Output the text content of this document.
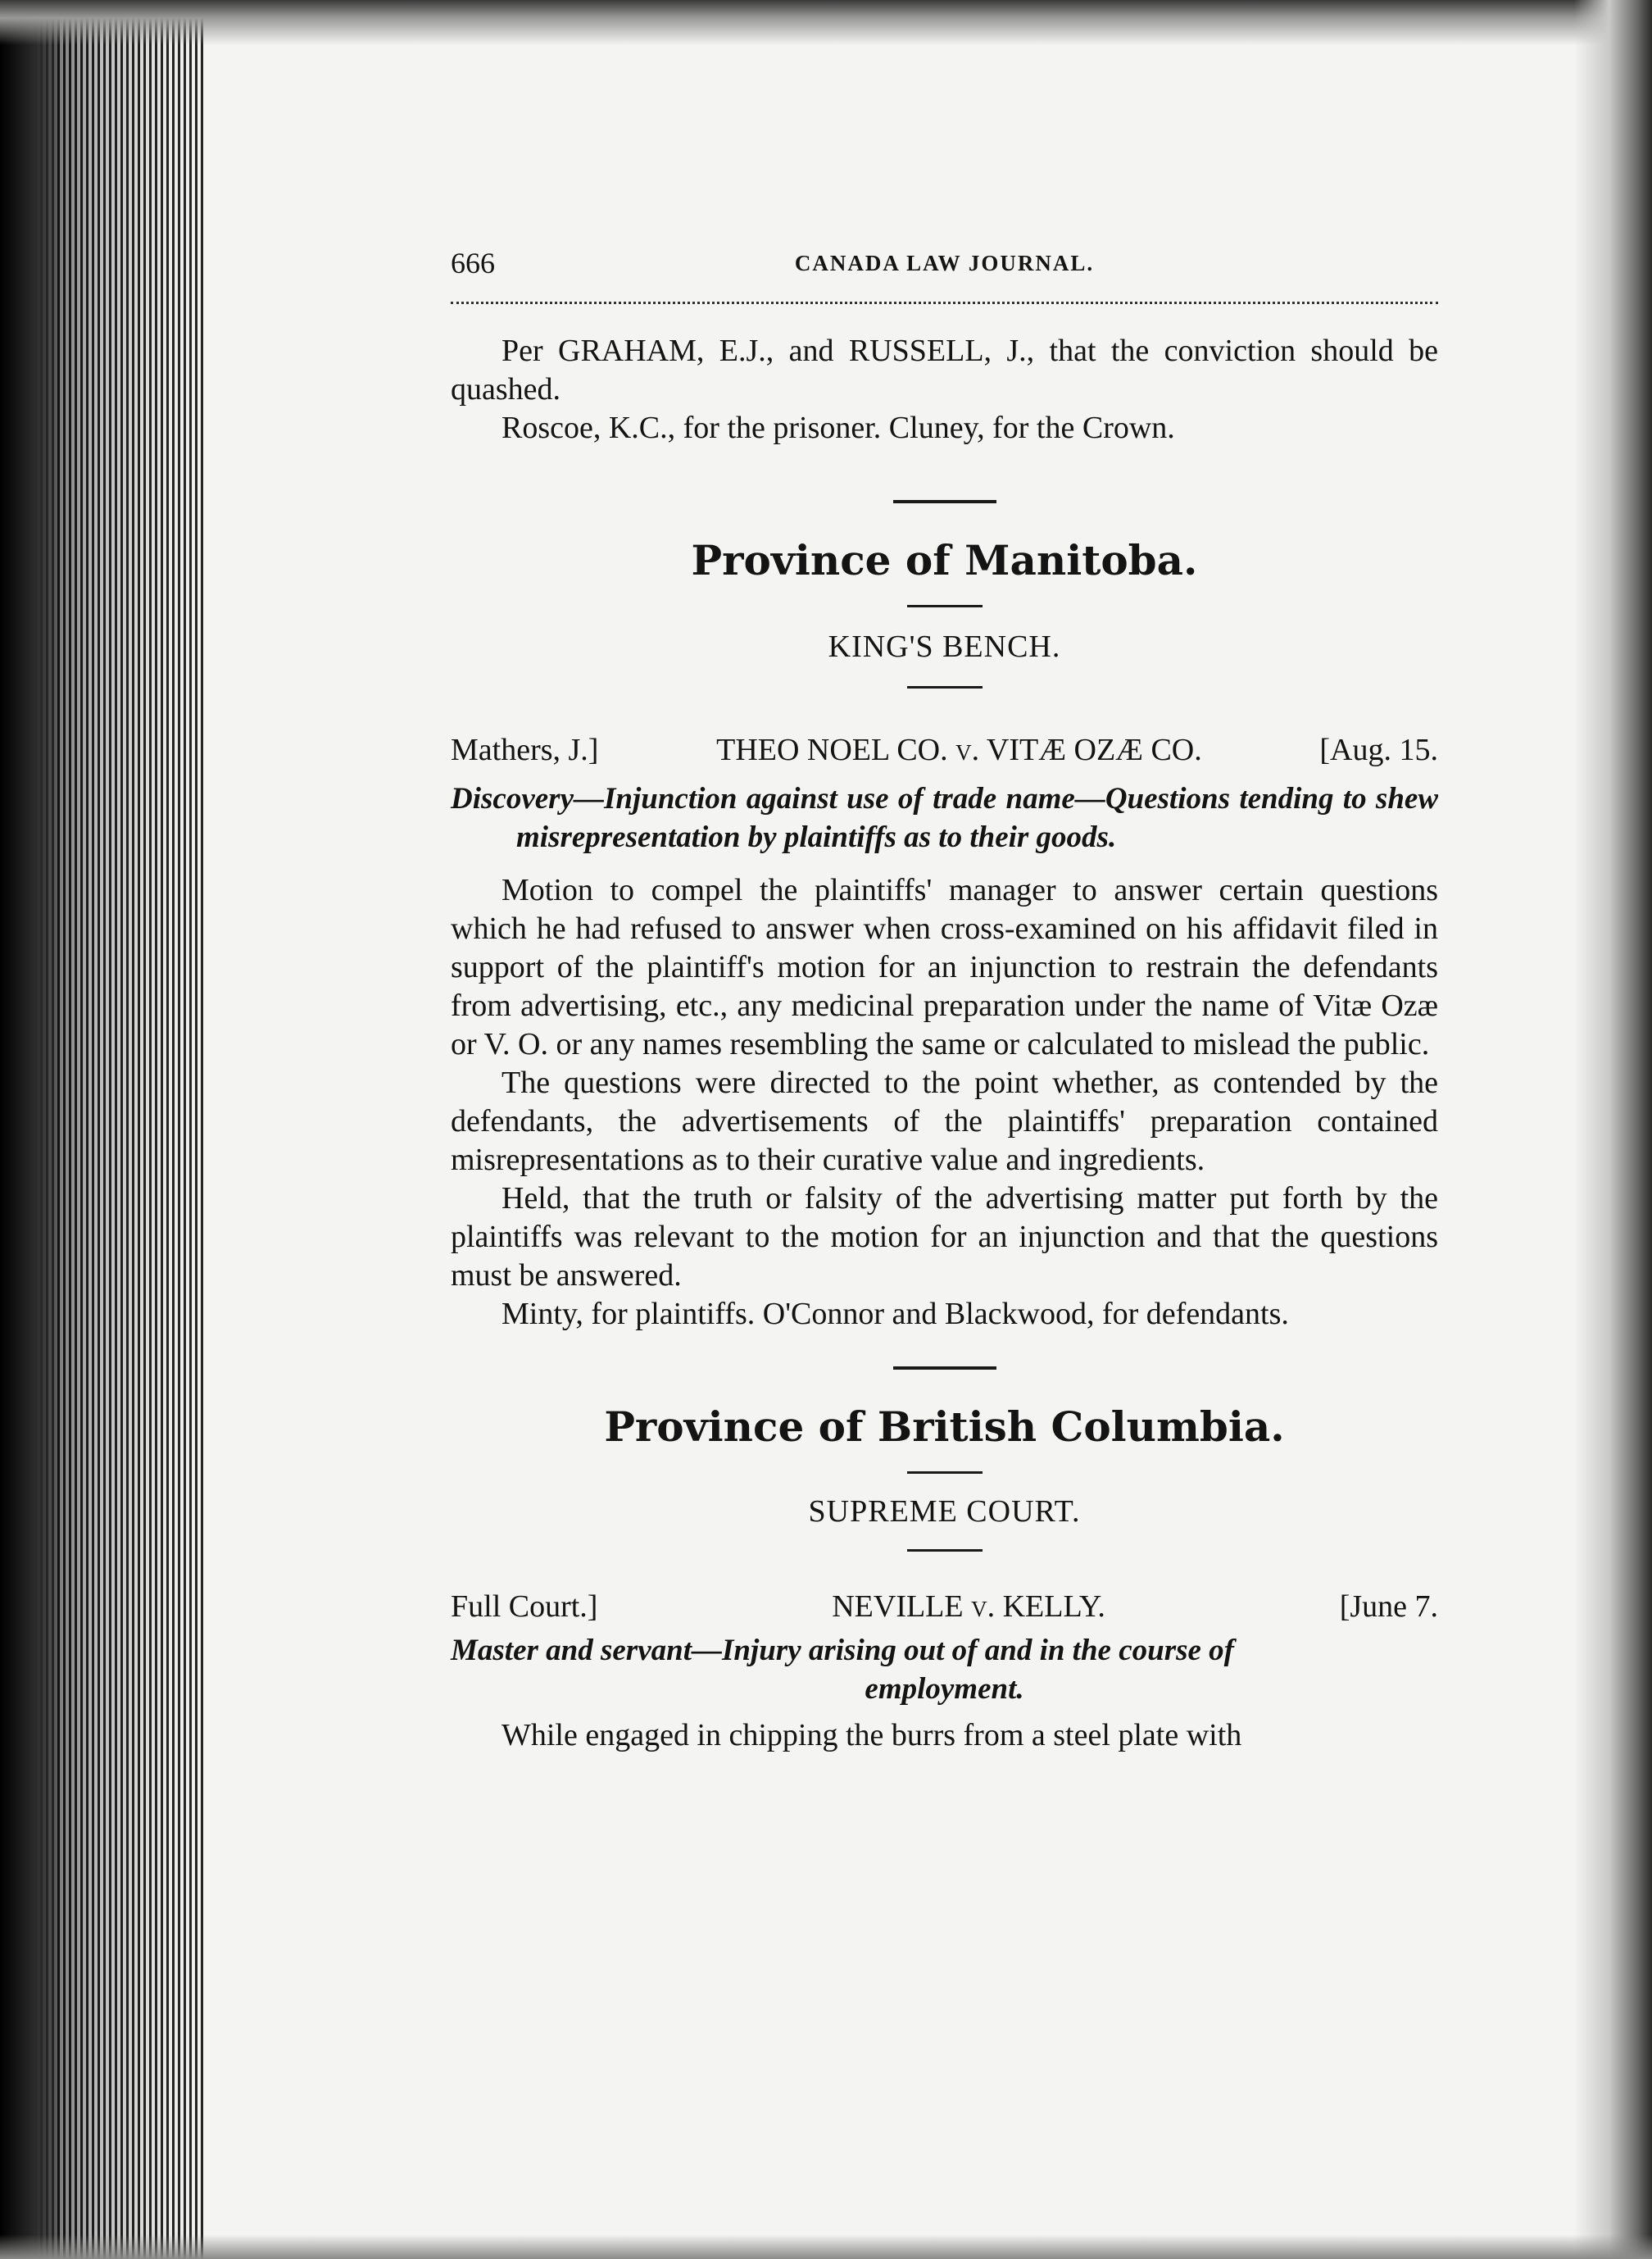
666	CANADA LAW JOURNAL.

Per GRAHAM, E.J., and RUSSELL, J., that the conviction should be quashed.

Roscoe, K.C., for the prisoner. Cluney, for the Crown.

Province of Manitoba.
KING'S BENCH.
Mathers, J.]	THEO NOEL CO. v. VITÆ OZÆ CO.	[Aug. 15.

Discovery—Injunction against use of trade name—Questions tending to shew misrepresentation by plaintiffs as to their goods.

Motion to compel the plaintiffs' manager to answer certain questions which he had refused to answer when cross-examined on his affidavit filed in support of the plaintiff's motion for an injunction to restrain the defendants from advertising, etc., any medicinal preparation under the name of Vitæ Ozæ or V. O. or any names resembling the same or calculated to mislead the public.

The questions were directed to the point whether, as contended by the defendants, the advertisements of the plaintiffs' preparation contained misrepresentations as to their curative value and ingredients.

Held, that the truth or falsity of the advertising matter put forth by the plaintiffs was relevant to the motion for an injunction and that the questions must be answered.

Minty, for plaintiffs. O'Connor and Blackwood, for defendants.

Province of British Columbia.
SUPREME COURT.
Full Court.]	NEVILLE v. KELLY.	[June 7.

Master and servant—Injury arising out of and in the course of

employment.

While engaged in chipping the burrs from a steel plate with
